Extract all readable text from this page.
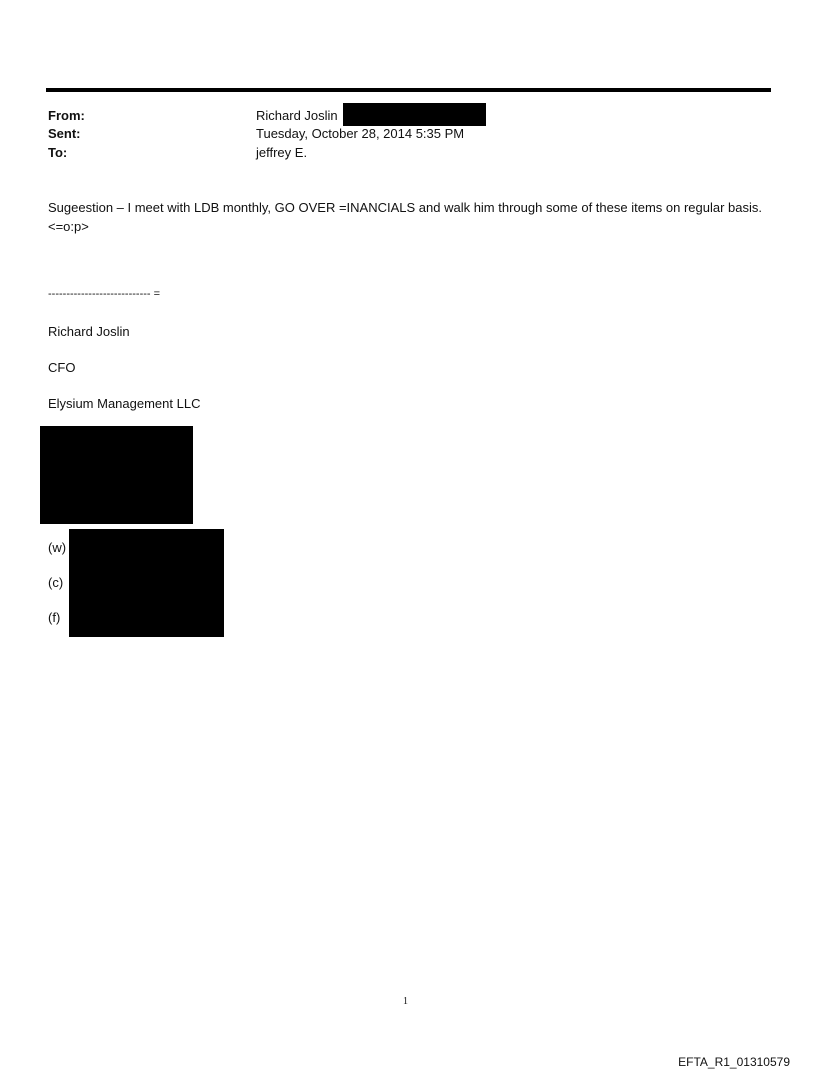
From:	Richard Joslin
Sent:	Tuesday, October 28, 2014 5:35 PM
To:	jeffrey E.
Sugeestion – I meet with LDB monthly, GO OVER =INANCIALS and walk him through some of these items on regular basis.<=o:p>
---------------------------- =
Richard Joslin
CFO
Elysium Management LLC
(w)
(c)
(f)
1
EFTA_R1_01310579
